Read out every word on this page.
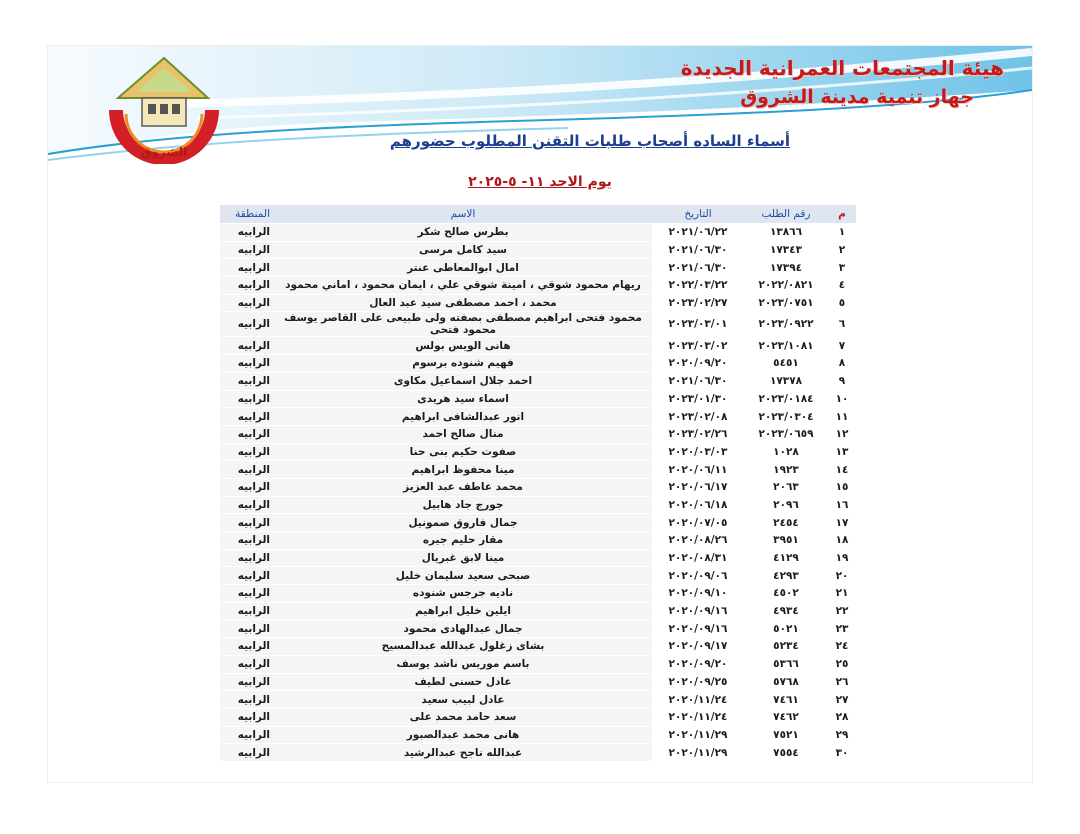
الشروق
هيئة المجتمعات العمرانية الجديدة
جهاز تنمية مدينة الشروق
أسماء الساده أصحاب طلبات التقنن المطلوب حضورهم
يوم الاحد ١١- ٥-٢٠٢٥
م	رقم الطلب	التاريخ	الاسم	المنطقة
١	١٣٨٦٦	٢٠٢١/٠٦/٢٢	بطرس صالح شكر	الرابيه
٢	١٧٣٤٣	٢٠٢١/٠٦/٣٠	سيد كامل مرسى	الرابيه
٣	١٧٣٩٤	٢٠٢١/٠٦/٣٠	امال ابوالمعاطى عنتر	الرابيه
٤	٢٠٢٢/٠٨٢١	٢٠٢٢/٠٣/٢٢	ريهام محمود شوقي ، امينة شوقي علي ، ايمان محمود ، اماني محمود	الرابيه
٥	٢٠٢٣/٠٧٥١	٢٠٢٣/٠٢/٢٧	محمد ، احمد مصطفى سيد عبد العال	الرابيه
٦	٢٠٢٣/٠٩٢٢	٢٠٢٣/٠٣/٠١	محمود فتحى ابراهيم مصطفى بصفته ولى طبيعى على القاصر يوسف محمود فتحى	الرابيه
٧	٢٠٢٣/١٠٨١	٢٠٢٣/٠٣/٠٢	هانى الويس بولس	الرابيه
٨	٥٤٥١	٢٠٢٠/٠٩/٢٠	فهيم شنوده برسوم	الرابيه
٩	١٧٣٧٨	٢٠٢١/٠٦/٣٠	احمد جلال اسماعيل مكاوى	الرابيه
١٠	٢٠٢٣/٠١٨٤	٢٠٢٣/٠١/٣٠	اسماء سيد هريدى	الرابيه
١١	٢٠٢٣/٠٣٠٤	٢٠٢٣/٠٢/٠٨	انور عبدالشافى ابراهيم	الرابيه
١٢	٢٠٢٣/٠٦٥٩	٢٠٢٣/٠٢/٢٦	منال صالح احمد	الرابيه
١٣	١٠٢٨	٢٠٢٠/٠٣/٠٣	صفوت حكيم بنى حنا	الرابيه
١٤	١٩٢٣	٢٠٢٠/٠٦/١١	مينا محفوظ ابراهيم	الرابيه
١٥	٢٠٦٣	٢٠٢٠/٠٦/١٧	محمد عاطف عبد العزيز	الرابيه
١٦	٢٠٩٦	٢٠٢٠/٠٦/١٨	جورج جاد هابيل	الرابيه
١٧	٢٤٥٤	٢٠٢٠/٠٧/٠٥	جمال فاروق صمونيل	الرابيه
١٨	٣٩٥١	٢٠٢٠/٠٨/٢٦	مقار حليم جيره	الرابيه
١٩	٤١٢٩	٢٠٢٠/٠٨/٣١	مينا لابق غبريال	الرابيه
٢٠	٤٢٩٣	٢٠٢٠/٠٩/٠٦	صبحى سعيد سليمان خليل	الرابيه
٢١	٤٥٠٢	٢٠٢٠/٠٩/١٠	ناديه جرجس شنوده	الرابيه
٢٢	٤٩٣٤	٢٠٢٠/٠٩/١٦	ايلين خليل ابراهيم	الرابيه
٢٣	٥٠٢١	٢٠٢٠/٠٩/١٦	جمال عبدالهادى محمود	الرابيه
٢٤	٥٢٣٤	٢٠٢٠/٠٩/١٧	بشاى زغلول عبدالله عبدالمسيح	الرابيه
٢٥	٥٣٦٦	٢٠٢٠/٠٩/٢٠	باسم موريس ناشد يوسف	الرابيه
٢٦	٥٧٦٨	٢٠٢٠/٠٩/٢٥	عادل حسنى لطيف	الرابيه
٢٧	٧٤٦١	٢٠٢٠/١١/٢٤	عادل لبيب سعيد	الرابيه
٢٨	٧٤٦٢	٢٠٢٠/١١/٢٤	سعد حامد محمد على	الرابيه
٢٩	٧٥٢١	٢٠٢٠/١١/٢٩	هانى محمد عبدالصبور	الرابيه
٣٠	٧٥٥٤	٢٠٢٠/١١/٢٩	عبدالله ناجح عبدالرشيد	الرابيه
